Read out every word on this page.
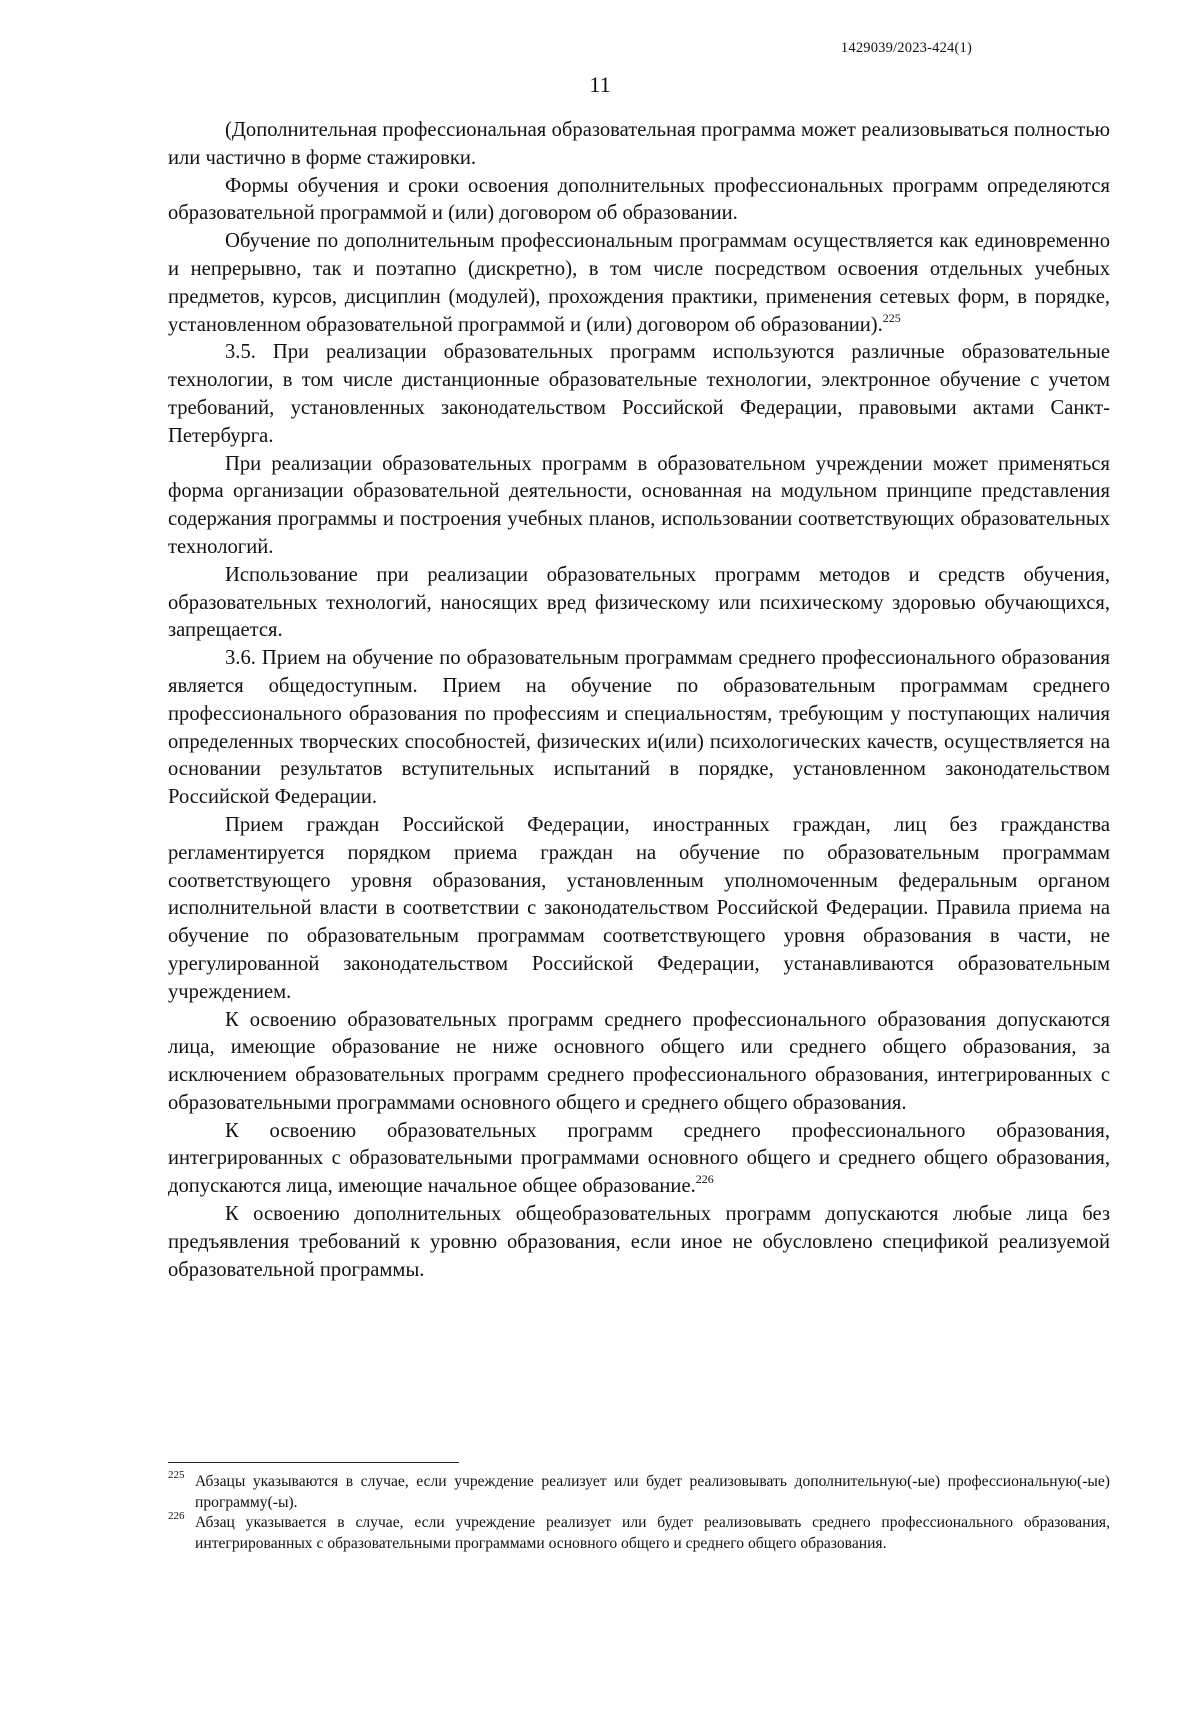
1429039/2023-424(1)
11

(Дополнительная профессиональная образовательная программа может реализовываться полностью или частично в форме стажировки.

Формы обучения и сроки освоения дополнительных профессиональных программ определяются образовательной программой и (или) договором об образовании.

Обучение по дополнительным профессиональным программам осуществляется как единовременно и непрерывно, так и поэтапно (дискретно), в том числе посредством освоения отдельных учебных предметов, курсов, дисциплин (модулей), прохождения практики, применения сетевых форм, в порядке, установленном образовательной программой и (или) договором об образовании).$^{225}$

3.5. При реализации образовательных программ используются различные образовательные технологии, в том числе дистанционные образовательные технологии, электронное обучение с учетом требований, установленных законодательством Российской Федерации, правовыми актами Санкт-Петербурга.

При реализации образовательных программ в образовательном учреждении может применяться форма организации образовательной деятельности, основанная на модульном принципе представления содержания программы и построения учебных планов, использовании соответствующих образовательных технологий.

Использование при реализации образовательных программ методов и средств обучения, образовательных технологий, наносящих вред физическому или психическому здоровью обучающихся, запрещается.

3.6. Прием на обучение по образовательным программам среднего профессионального образования является общедоступным. Прием на обучение по образовательным программам среднего профессионального образования по профессиям и специальностям, требующим у поступающих наличия определенных творческих способностей, физических и(или) психологических качеств, осуществляется на основании результатов вступительных испытаний в порядке, установленном законодательством Российской Федерации.

Прием граждан Российской Федерации, иностранных граждан, лиц без гражданства регламентируется порядком приема граждан на обучение по образовательным программам соответствующего уровня образования, установленным уполномоченным федеральным органом исполнительной власти в соответствии с законодательством Российской Федерации. Правила приема на обучение по образовательным программам соответствующего уровня образования в части, не урегулированной законодательством Российской Федерации, устанавливаются образовательным учреждением.

К освоению образовательных программ среднего профессионального образования допускаются лица, имеющие образование не ниже основного общего или среднего общего образования, за исключением образовательных программ среднего профессионального образования, интегрированных с образовательными программами основного общего и среднего общего образования.

К освоению образовательных программ среднего профессионального образования, интегрированных с образовательными программами основного общего и среднего общего образования, допускаются лица, имеющие начальное общее образование.$^{226}$

К освоению дополнительных общеобразовательных программ допускаются любые лица без предъявления требований к уровню образования, если иное не обусловлено спецификой реализуемой образовательной программы.

225 Абзацы указываются в случае, если учреждение реализует или будет реализовывать дополнительную(-ые) профессиональную(-ые) программу(-ы).
226 Абзац указывается в случае, если учреждение реализует или будет реализовывать среднего профессионального образования, интегрированных с образовательными программами основного общего и среднего общего образования.
